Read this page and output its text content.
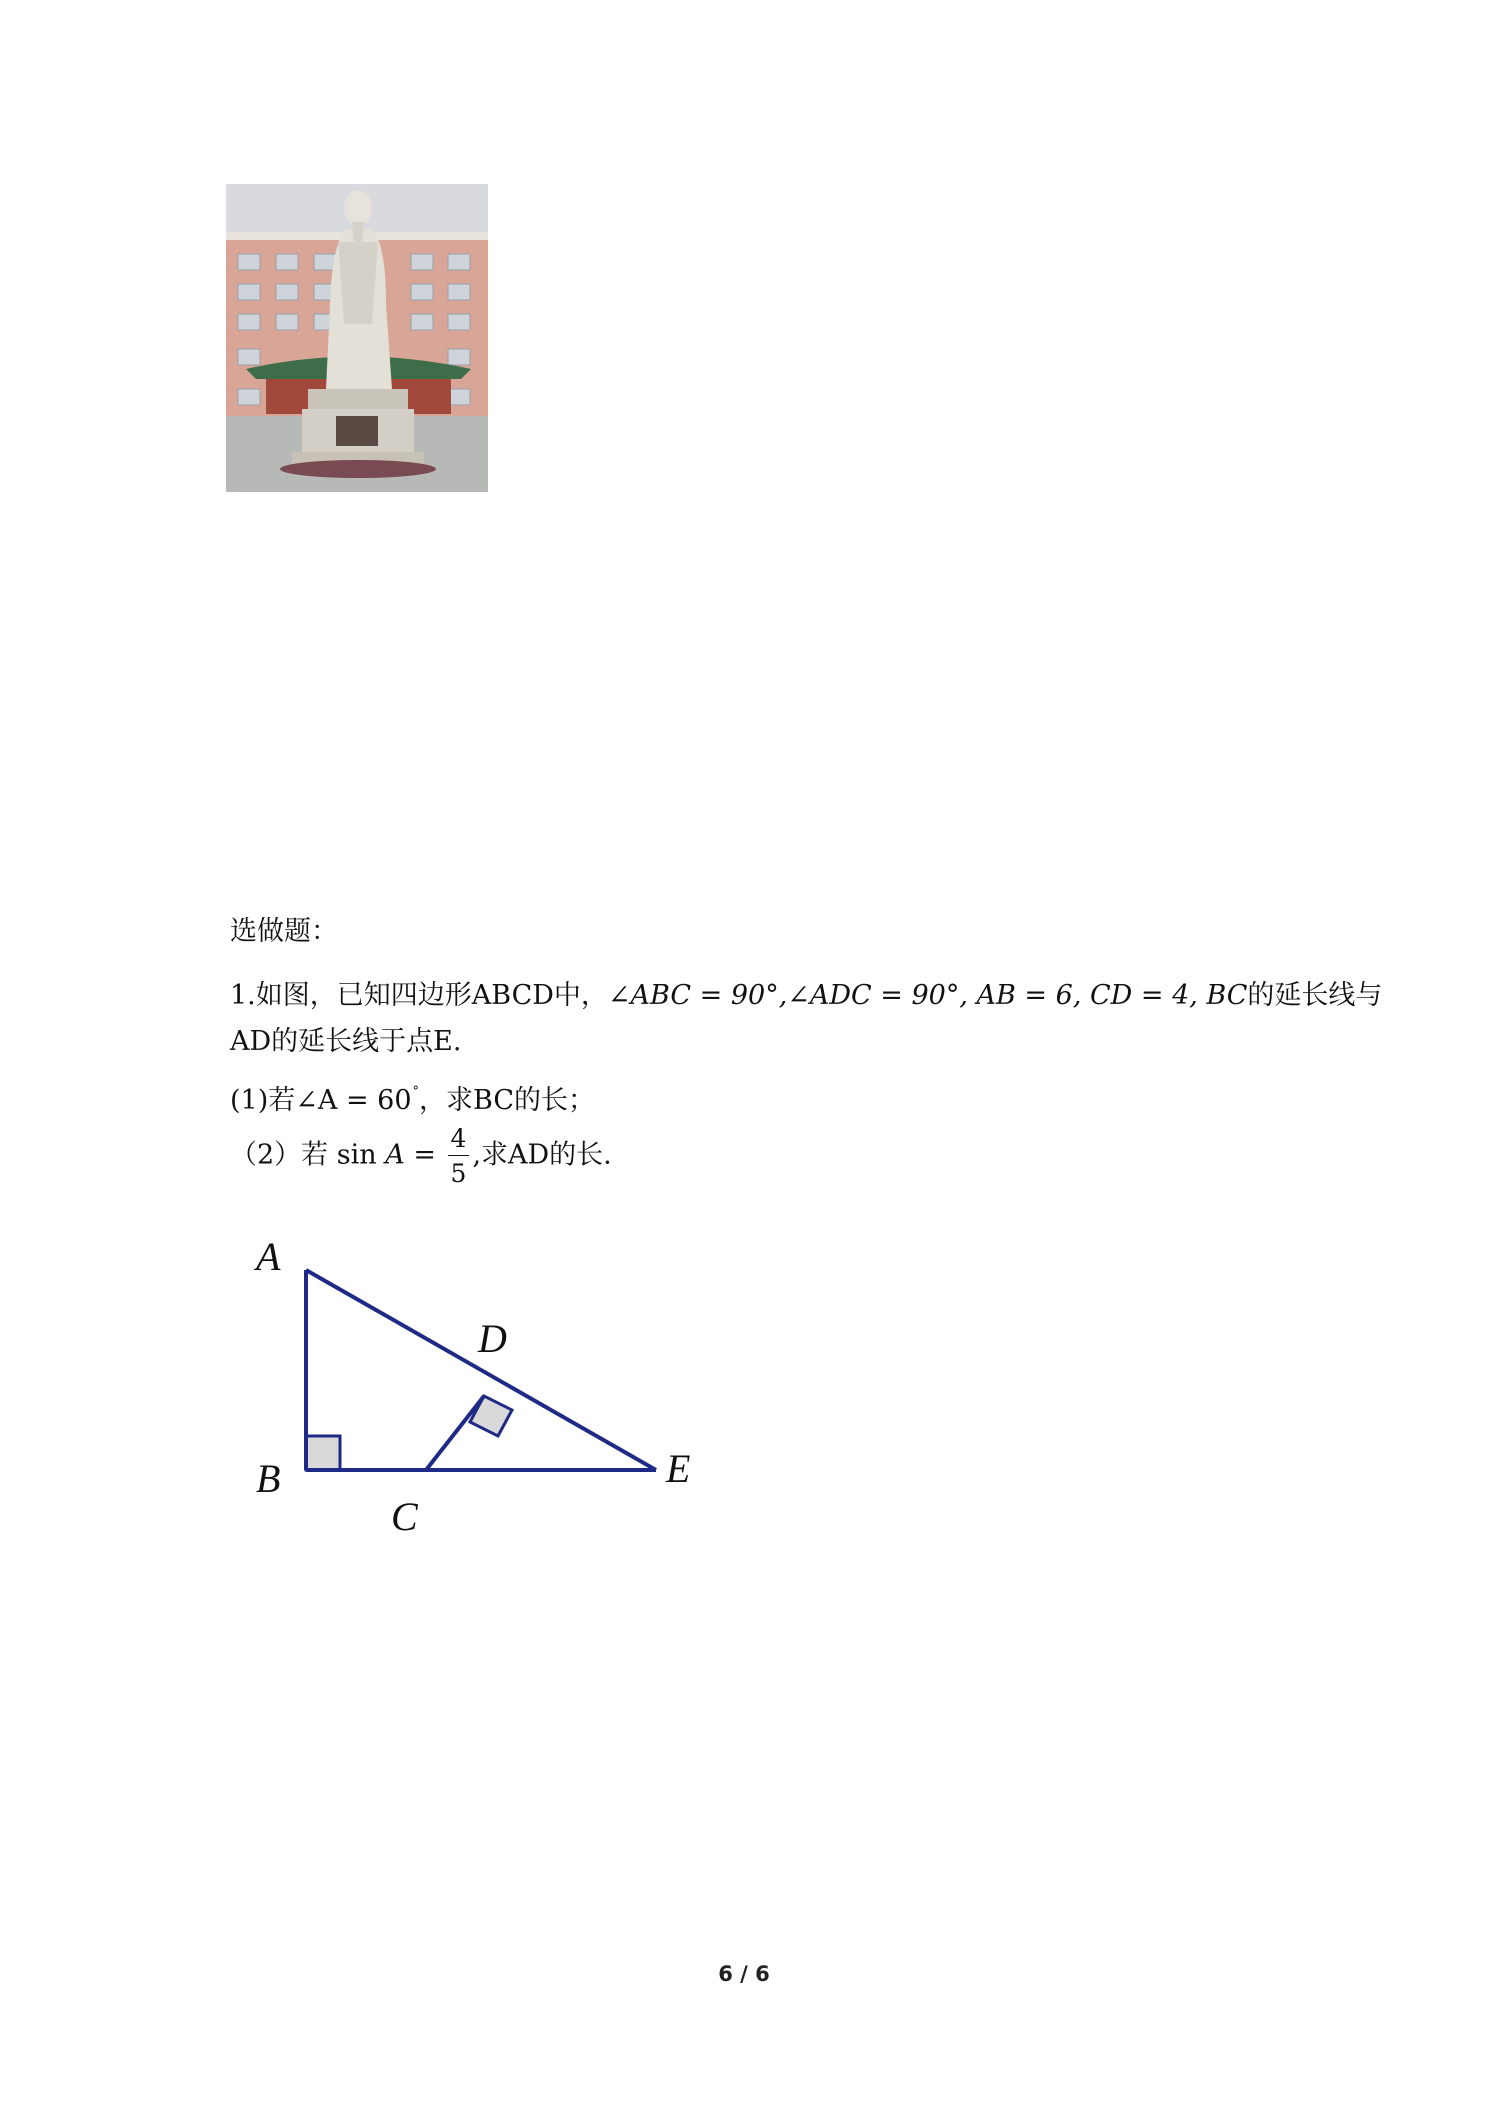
选做题：
1.如图，已知四边形ABCD中，∠ABC = 90°,∠ADC = 90°, AB = 6, CD = 4, BC的延长线与
AD的延长线于点E.
(1)若∠A = 60°，求BC的长；
（2）若 $\sin A = \frac{4}{5}$ ,求AD的长.
A
B
C
D
E
6 / 6
